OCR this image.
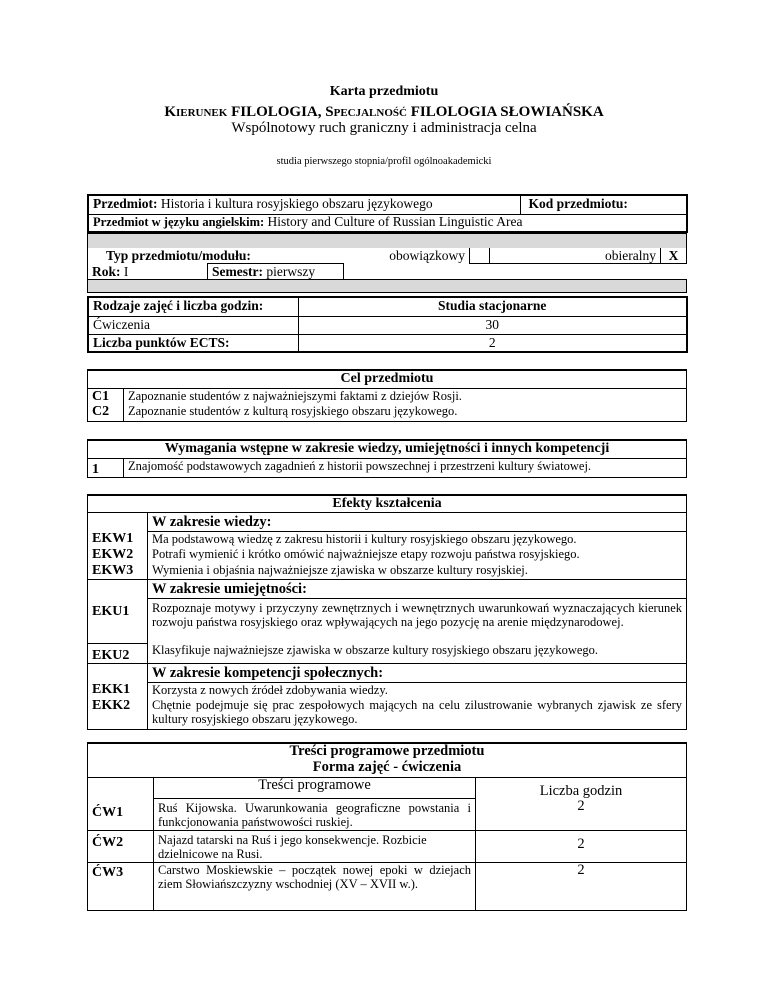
Karta przedmiotu
KIERUNEK FILOLOGIA, SPECJALNOŚĆ FILOLOGIA SŁOWIAŃSKA
Wspólnotowy ruch graniczny i administracja celna
studia pierwszego stopnia/profil ogólnoakademicki
Przedmiot: Historia i kultura rosyjskiego obszaru językowego	Kod przedmiotu:
Przedmiot w języku angielskim: History and Culture of Russian Linguistic Area

Typ przedmiotu/modułu:		obowiązkowy		obieralny	X
Rok: I	Semestr: pierwszy				

Rodzaje zajęć i liczba godzin:	Studia stacjonarne
Ćwiczenia	30
Liczba punktów ECTS:	2
Cel przedmiotu	
C1	Zapoznanie studentów z najważniejszymi faktami z dziejów Rosji.
C2	Zapoznanie studentów z kulturą rosyjskiego obszaru językowego.
Wymagania wstępne w zakresie wiedzy, umiejętności i innych kompetencji
1	Znajomość podstawowych zagadnień z historii powszechnej i przestrzeni kultury światowej.
Efekty kształcenia	
	W zakresie wiedzy:
EKW1	Ma podstawową wiedzę z zakresu historii i kultury rosyjskiego obszaru językowego.
EKW2	Potrafi wymienić i krótko omówić najważniejsze etapy rozwoju państwa rosyjskiego.
EKW3	Wymienia i objaśnia najważniejsze zjawiska w obszarze kultury rosyjskiej.
	W zakresie umiejętności:
EKU1	Rozpoznaje motywy i przyczyny zewnętrznych i wewnętrznych uwarunkowań wyznaczających kierunek rozwoju państwa rosyjskiego oraz wpływających na jego pozycję na arenie międzynarodowej.
EKU2	Klasyfikuje najważniejsze zjawiska w obszarze kultury rosyjskiego obszaru językowego.
	W zakresie kompetencji społecznych:
EKK1	Korzysta z nowych źródeł zdobywania wiedzy.
EKK2	Chętnie podejmuje się prac zespołowych mających na celu zilustrowanie wybranych zjawisk ze sfery kultury rosyjskiego obszaru językowego.
Treści programowe przedmiotu		
Forma zajęć - ćwiczenia		
	Treści programowe	Liczba godzin
ĆW1	Ruś Kijowska. Uwarunkowania geograficzne powstania i funkcjonowania państwowości ruskiej.	2
ĆW2	Najazd tatarski na Ruś i jego konsekwencje. Rozbicie dzielnicowe na Rusi.	2
ĆW3	Carstwo Moskiewskie – początek nowej epoki w dziejach ziem Słowiańszczyzny wschodniej (XV – XVII w.).	2
